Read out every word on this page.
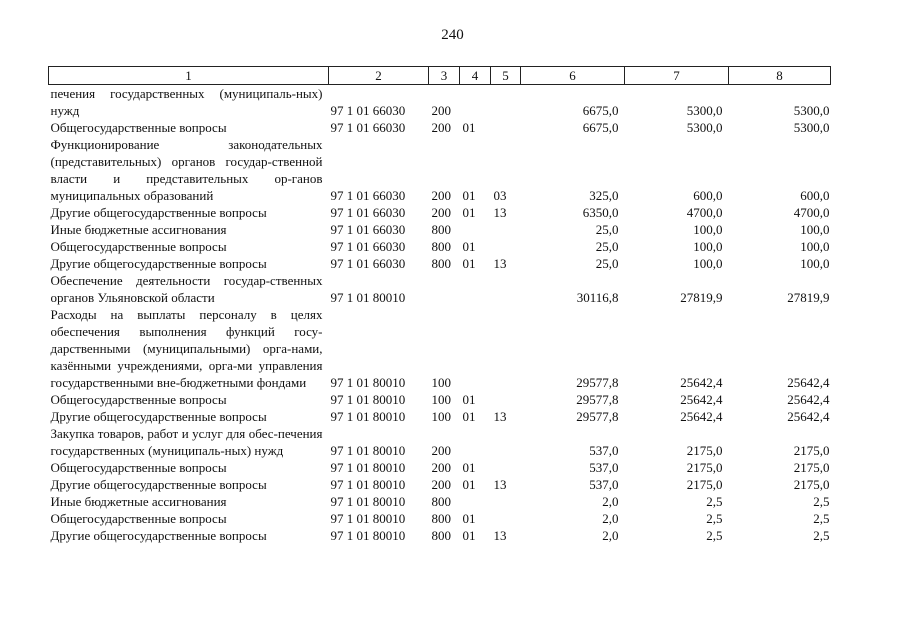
240
1	2	3	4	5	6	7	8
печения государственных (муниципаль-ных) нужд	97 1 01 66030	200			6675,0	5300,0	5300,0
Общегосударственные вопросы	97 1 01 66030	200	01		6675,0	5300,0	5300,0
Функционирование законодательных (представительных) органов государ-ственной власти и представительных ор-ганов муниципальных образований	97 1 01 66030	200	01	03	325,0	600,0	600,0
Другие общегосударственные вопросы	97 1 01 66030	200	01	13	6350,0	4700,0	4700,0
Иные бюджетные ассигнования	97 1 01 66030	800			25,0	100,0	100,0
Общегосударственные вопросы	97 1 01 66030	800	01		25,0	100,0	100,0
Другие общегосударственные вопросы	97 1 01 66030	800	01	13	25,0	100,0	100,0
Обеспечение деятельности государ-ственных органов Ульяновской области	97 1 01 80010				30116,8	27819,9	27819,9
Расходы на выплаты персоналу в целях обеспечения выполнения функций госу-дарственными (муниципальными) орга-нами, казёнными учреждениями, орга-ми управления государственными вне-бюджетными фондами	97 1 01 80010	100			29577,8	25642,4	25642,4
Общегосударственные вопросы	97 1 01 80010	100	01		29577,8	25642,4	25642,4
Другие общегосударственные вопросы	97 1 01 80010	100	01	13	29577,8	25642,4	25642,4
Закупка товаров, работ и услуг для обес-печения государственных (муниципаль-ных) нужд	97 1 01 80010	200			537,0	2175,0	2175,0
Общегосударственные вопросы	97 1 01 80010	200	01		537,0	2175,0	2175,0
Другие общегосударственные вопросы	97 1 01 80010	200	01	13	537,0	2175,0	2175,0
Иные бюджетные ассигнования	97 1 01 80010	800			2,0	2,5	2,5
Общегосударственные вопросы	97 1 01 80010	800	01		2,0	2,5	2,5
Другие общегосударственные вопросы	97 1 01 80010	800	01	13	2,0	2,5	2,5
